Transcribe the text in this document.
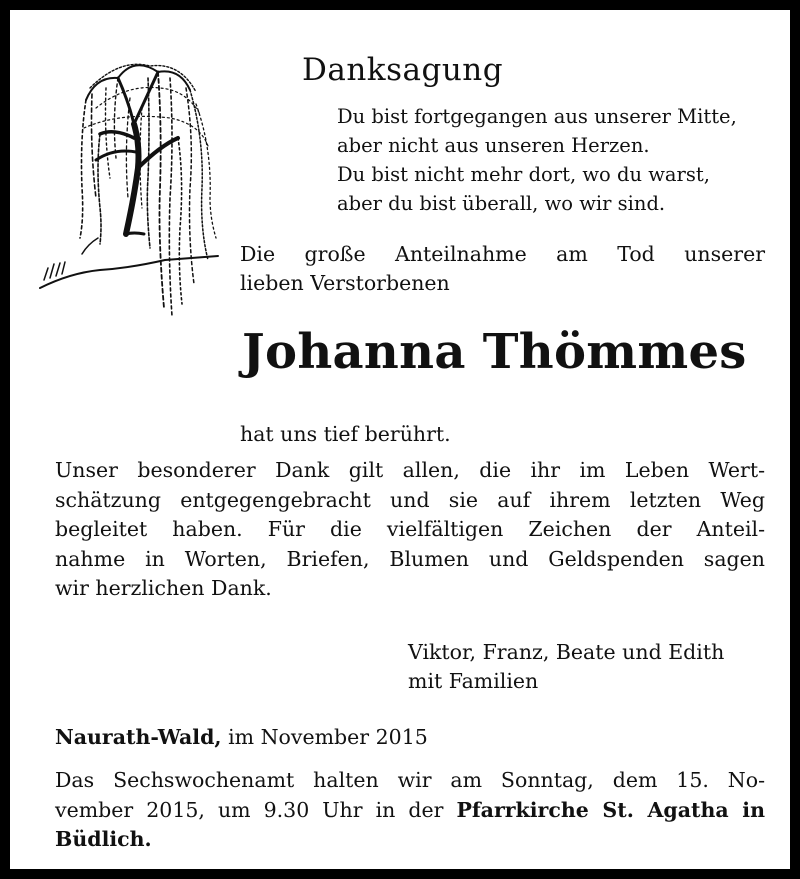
Danksagung
Du bist fortgegangen aus unserer Mitte,
aber nicht aus unseren Herzen.
Du bist nicht mehr dort, wo du warst,
aber du bist überall, wo wir sind.
Die große Anteilnahme am Tod unserer
lieben Verstorbenen
Johanna Thömmes
hat uns tief berührt.
Unser besonderer Dank gilt allen, die ihr im Leben Wert-
schätzung entgegengebracht und sie auf ihrem letzten Weg
begleitet haben. Für die vielfältigen Zeichen der Anteil-
nahme in Worten, Briefen, Blumen und Geldspenden sagen
wir herzlichen Dank.
Viktor, Franz, Beate und Edith
mit Familien
Naurath-Wald, im November 2015
Das Sechswochenamt halten wir am Sonntag, dem 15. No-
vember 2015, um 9.30 Uhr in der Pfarrkirche St. Agatha in
Büdlich.
